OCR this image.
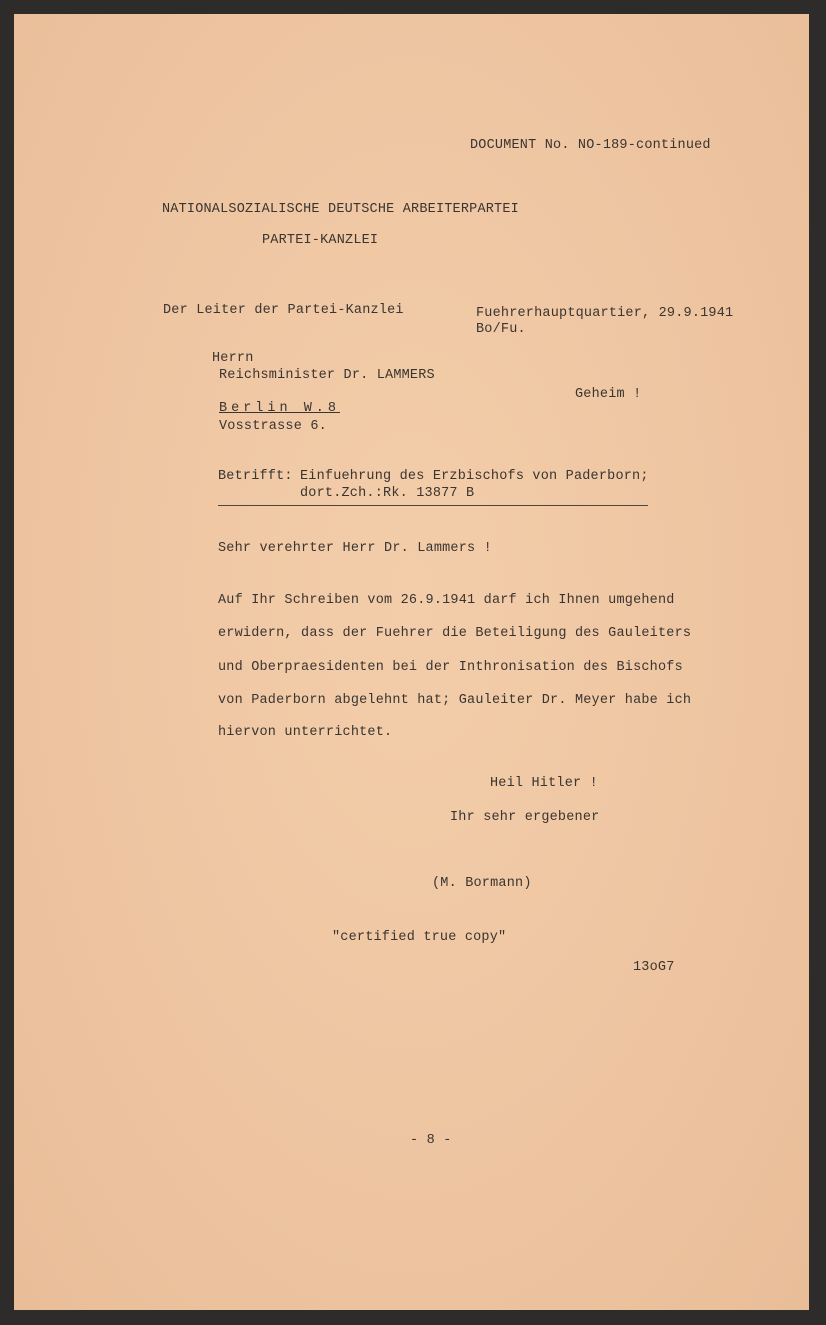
DOCUMENT No. NO-189-continued
NATIONALSOZIALISCHE DEUTSCHE ARBEITERPARTEI
PARTEI-KANZLEI
Der Leiter der Partei-Kanzlei	Fuehrerhauptquartier, 29.9.1941
Bo/Fu.
Herrn
Reichsminister Dr. LAMMERS
Berlin W.8
Vosstrasse 6.
Geheim !
Betrifft: Einfuehrung des Erzbischofs von Paderborn;
dort.Zch.:Rk. 13877 B
Sehr verehrter Herr Dr. Lammers !
Auf Ihr Schreiben vom 26.9.1941 darf ich Ihnen umgehend
erwidern, dass der Fuehrer die Beteiligung des Gauleiters
und Oberpraesidenten bei der Inthronisation des Bischofs
von Paderborn abgelehnt hat; Gauleiter Dr. Meyer habe ich
hiervon unterrichtet.
Heil Hitler !
Ihr sehr ergebener
(M. Bormann)
"certified true copy"
13oG7
- 8 -
